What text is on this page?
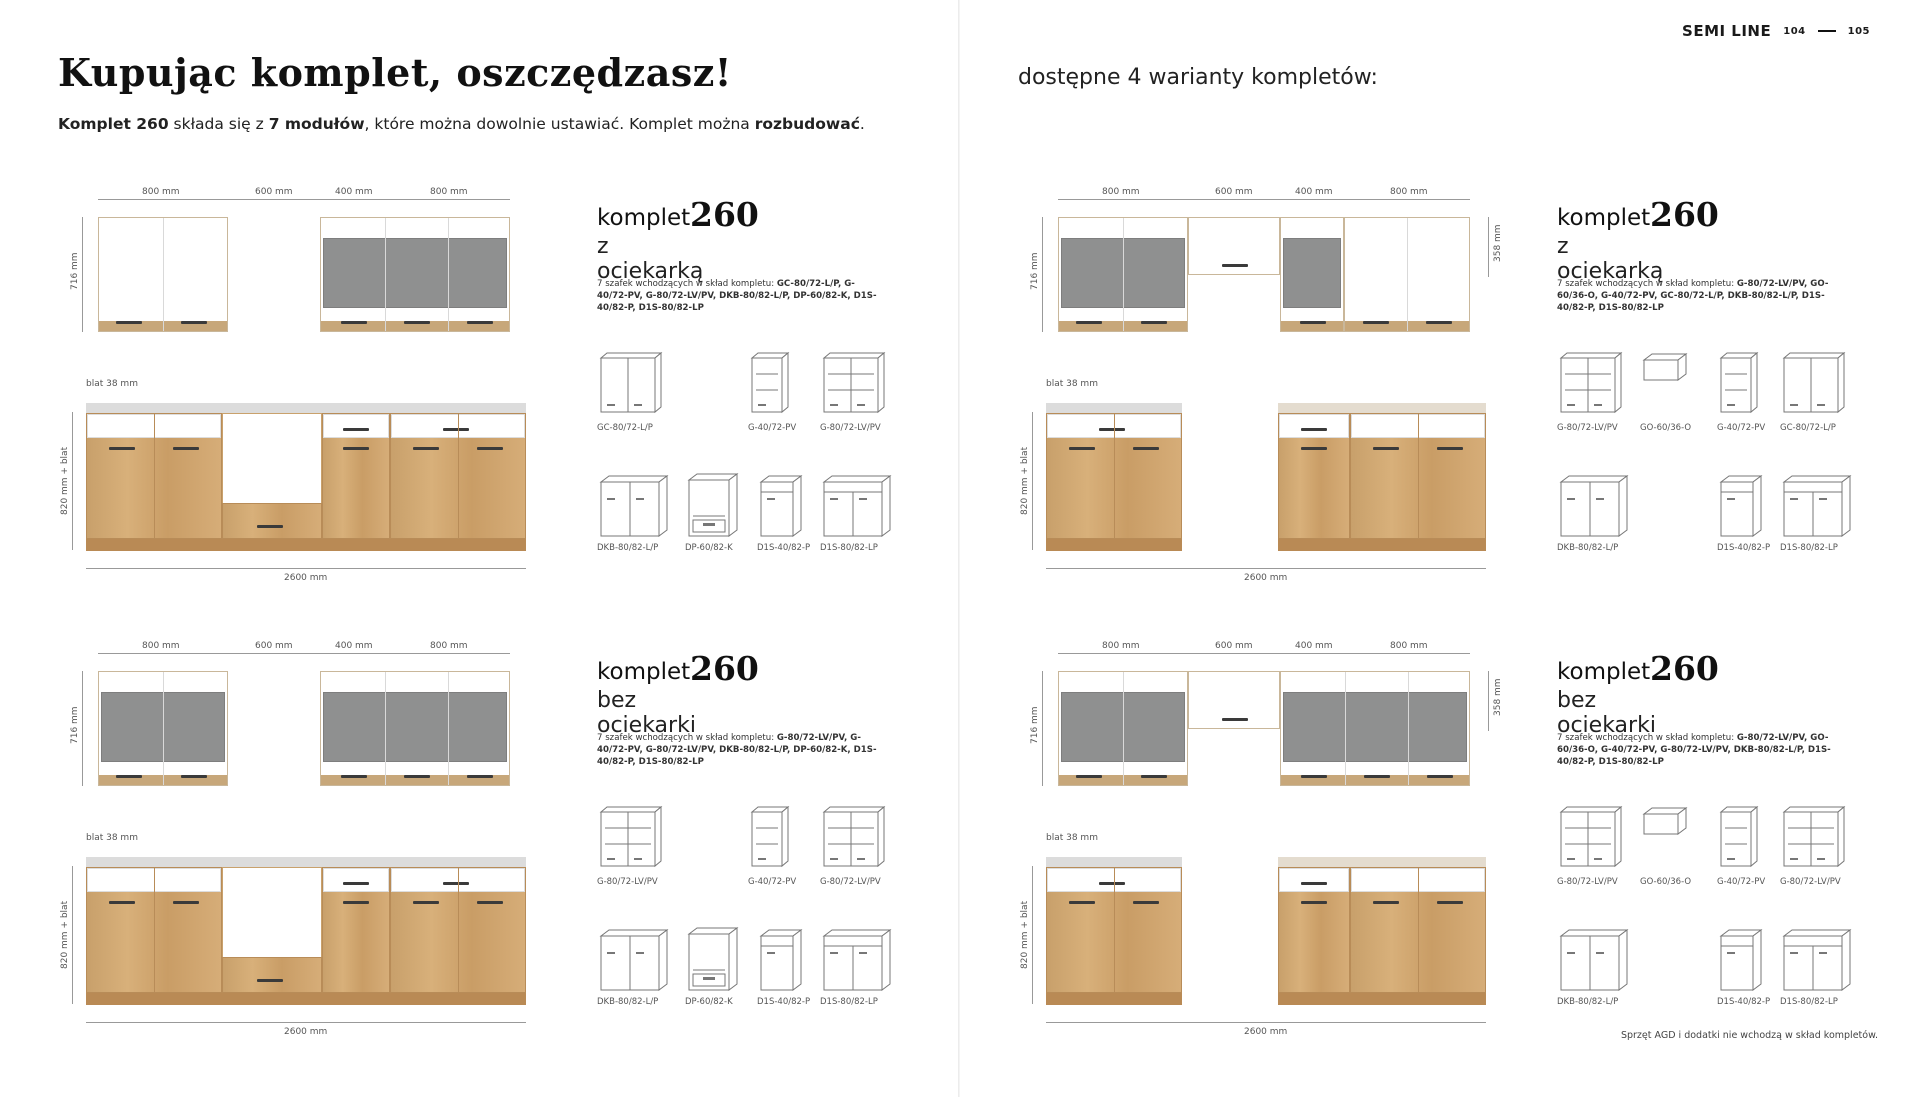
Kupując komplet, oszczędzasz!
Komplet 260 składa się z 7 modułów, które można dowolnie ustawiać. Komplet można rozbudować.
800 mm	600 mm	400 mm	800 mm
716 mm
blat 38 mm
820 mm + blat
2600 mm
komplet 260
z ociekarką
7 szafek wchodzących w skład kompletu: GC-80/72-L/P, G-40/72-PV, G-80/72-LV/PV, DKB-80/82-L/P, DP-60/82-K, D1S-40/82-P, D1S-80/82-LP
GC-80/72-L/P	G-40/72-PV	G-80/72-LV/PV
DKB-80/82-L/P	DP-60/82-K	D1S-40/82-P D1S-80/82-LP
800 mm	600 mm	400 mm	800 mm
716 mm
blat 38 mm
820 mm + blat
2600 mm
komplet 260
bez ociekarki
7 szafek wchodzących w skład kompletu: G-80/72-LV/PV, G-40/72-PV, G-80/72-LV/PV, DKB-80/82-L/P, DP-60/82-K, D1S-40/82-P, D1S-80/82-LP
G-80/72-LV/PV	G-40/72-PV	G-80/72-LV/PV
DKB-80/82-L/P	DP-60/82-K	D1S-40/82-P D1S-80/82-LP
SEMI LINE 104	105
dostępne 4 warianty kompletów:
800 mm	600 mm	400 mm	800 mm
716 mm
358 mm
blat 38 mm
820 mm + blat
2600 mm
komplet 260
z ociekarką
7 szafek wchodzących w skład kompletu: G-80/72-LV/PV, GO-60/36-O, G-40/72-PV, GC-80/72-L/P, DKB-80/82-L/P, D1S-40/82-P, D1S-80/82-LP
G-80/72-LV/PV	GO-60/36-O	G-40/72-PV GC-80/72-L/P
DKB-80/82-L/P	D1S-40/82-P D1S-80/82-LP
800 mm	600 mm	400 mm	800 mm
716 mm
358 mm
blat 38 mm
820 mm + blat
2600 mm
komplet 260
bez ociekarki
7 szafek wchodzących w skład kompletu: G-80/72-LV/PV, GO-60/36-O, G-40/72-PV, G-80/72-LV/PV, DKB-80/82-L/P, D1S-40/82-P, D1S-80/82-LP
G-80/72-LV/PV	GO-60/36-O	G-40/72-PV G-80/72-LV/PV
DKB-80/82-L/P	D1S-40/82-P D1S-80/82-LP
Sprzęt AGD i dodatki nie wchodzą w skład kompletów.
